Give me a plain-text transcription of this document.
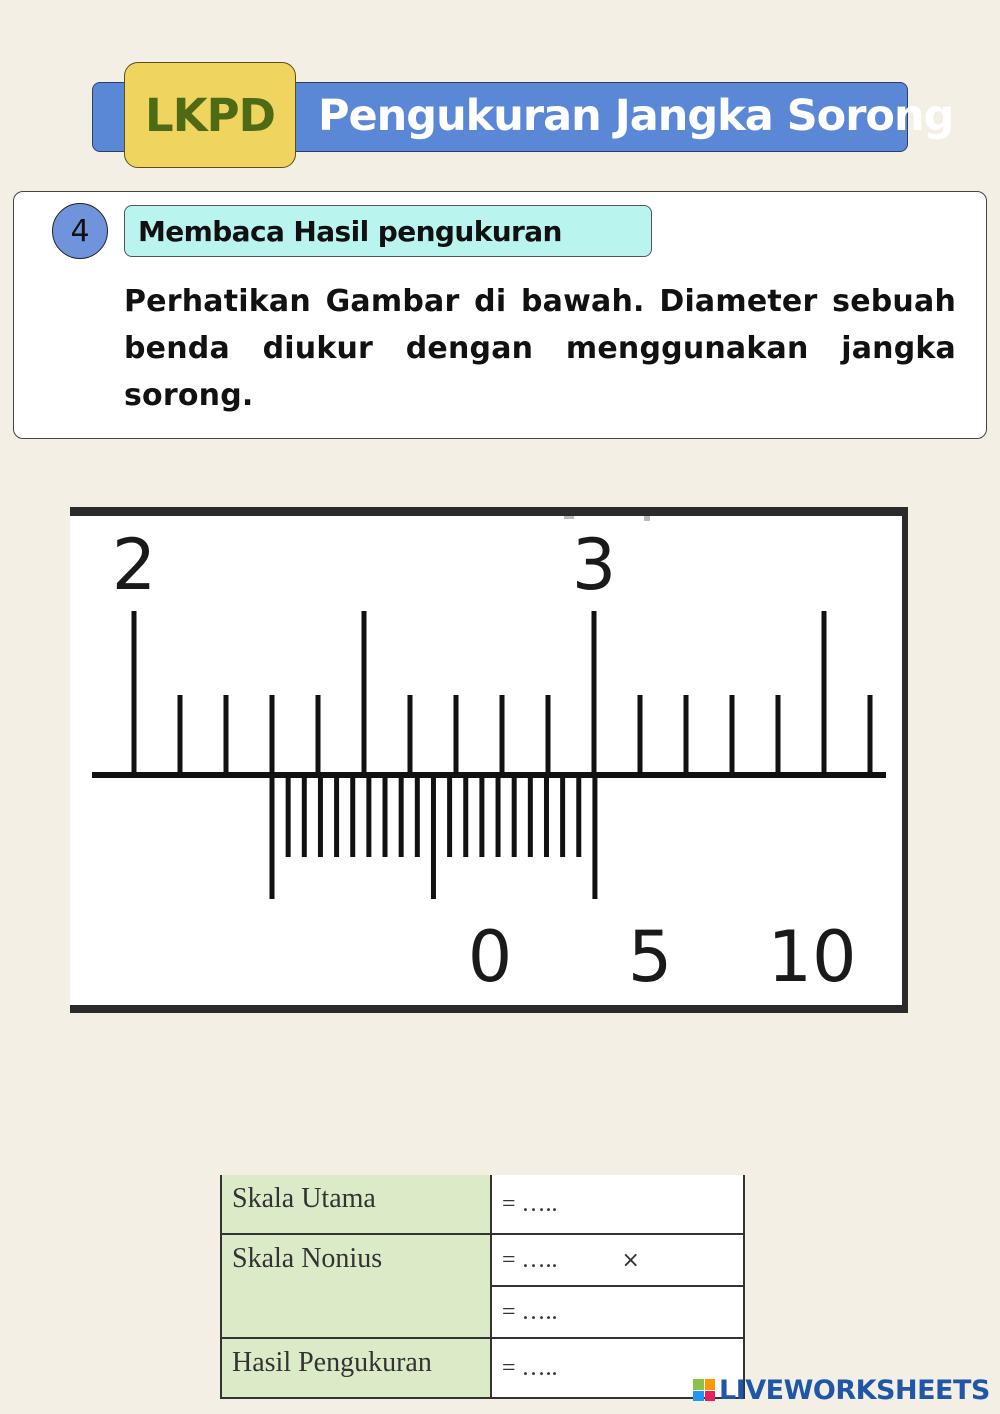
Pengukuran Jangka Sorong
LKPD
4	Membaca Hasil pengukuran
Perhatikan Gambar di bawah. Diameter sebuah benda diukur dengan menggunakan jangka sorong.
2	3
0 5 10
Skala Utama	= …..
Skala Nonius	= ….. ×
	= …..
Hasil Pengukuran	= …..
LIVEWORKSHEETS
